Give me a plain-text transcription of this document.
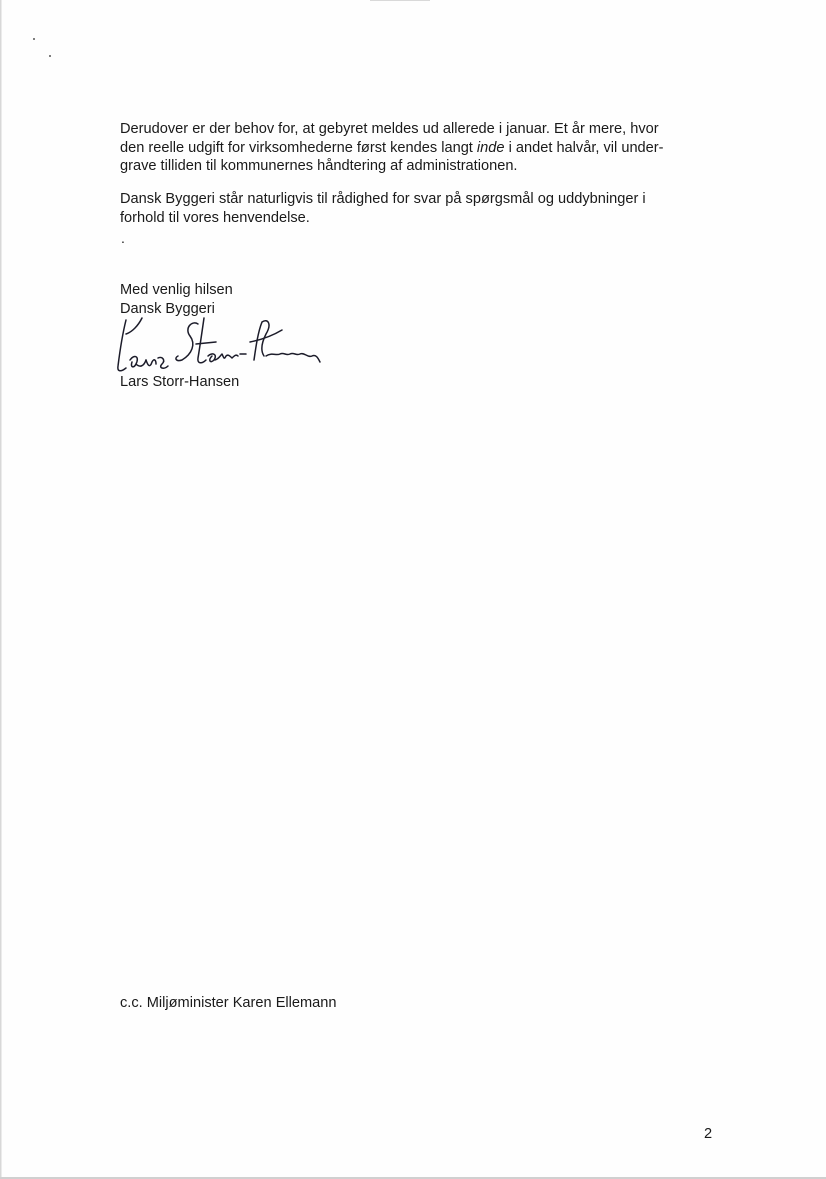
Derudover er der behov for, at gebyret meldes ud allerede i januar. Et år mere, hvor
den reelle udgift for virksomhederne først kendes langt inde i andet halvår, vil under-
grave tilliden til kommunernes håndtering af administrationen.

Dansk Byggeri står naturligvis til rådighed for svar på spørgsmål og uddybninger i
forhold til vores henvendelse.

.

Med venlig hilsen
Dansk Byggeri

Lars Storr-Hansen

c.c. Miljøminister Karen Ellemann

2
